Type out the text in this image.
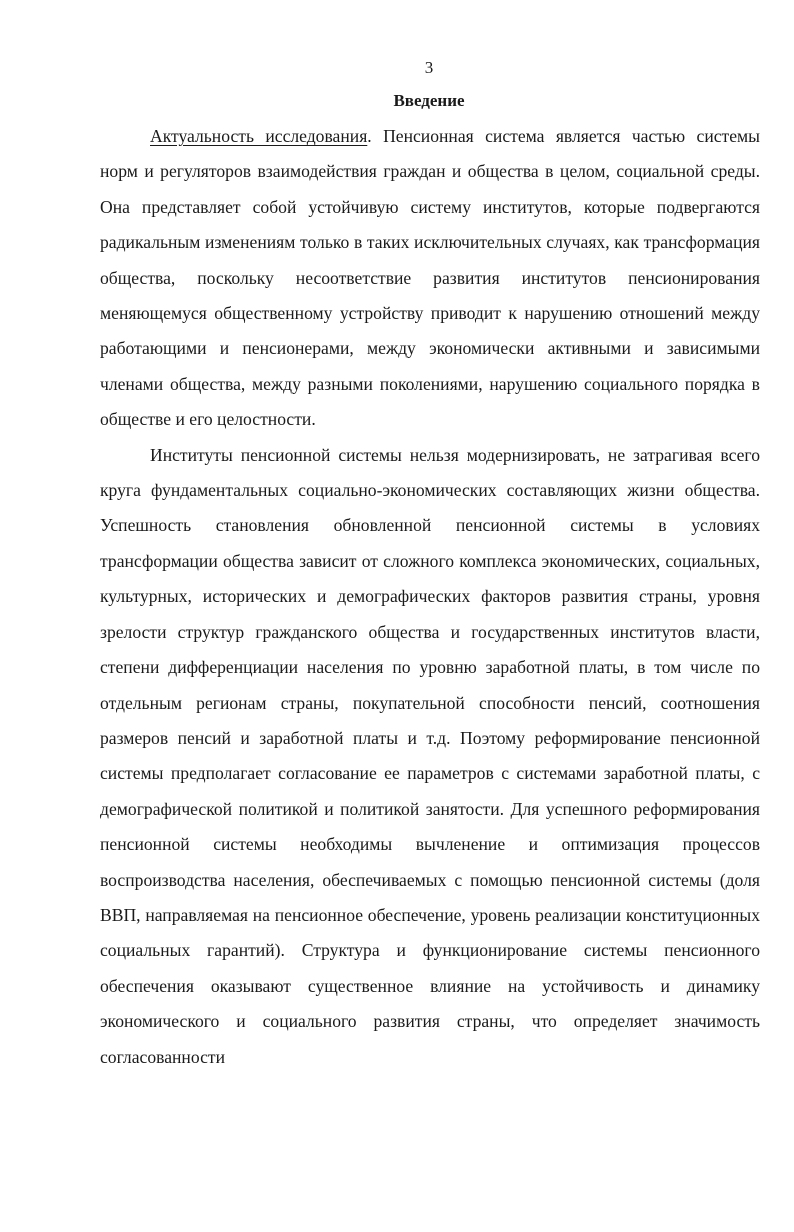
3
Введение

Актуальность исследования. Пенсионная система является частью системы норм и регуляторов взаимодействия граждан и общества в целом, социальной среды. Она представляет собой устойчивую систему институтов, которые подвергаются радикальным изменениям только в таких исключительных случаях, как трансформация общества, поскольку несоответствие развития институтов пенсионирования меняющемуся общественному устройству приводит к нарушению отношений между работающими и пенсионерами, между экономически активными и зависимыми членами общества, между разными поколениями, нарушению социального порядка в обществе и его целостности.

Институты пенсионной системы нельзя модернизировать, не затрагивая всего круга фундаментальных социально-экономических составляющих жизни общества. Успешность становления обновленной пенсионной системы в условиях трансформации общества зависит от сложного комплекса экономических, социальных, культурных, исторических и демографических факторов развития страны, уровня зрелости структур гражданского общества и государственных институтов власти, степени дифференциации населения по уровню заработной платы, в том числе по отдельным регионам страны, покупательной способности пенсий, соотношения размеров пенсий и заработной платы и т.д. Поэтому реформирование пенсионной системы предполагает согласование ее параметров с системами заработной платы, с демографической политикой и политикой занятости. Для успешного реформирования пенсионной системы необходимы вычленение и оптимизация процессов воспроизводства населения, обеспечиваемых с помощью пенсионной системы (доля ВВП, направляемая на пенсионное обеспечение, уровень реализации конституционных социальных гарантий). Структура и функционирование системы пенсионного обеспечения оказывают существенное влияние на устойчивость и динамику экономического и социального развития страны, что определяет значимость согласованности
